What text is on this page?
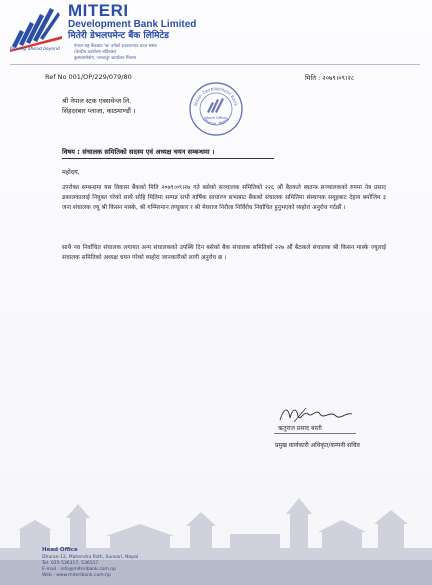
Moving ahead beyond
MITERI
Development Bank Limited
मितेरी डेभलपमेन्ट बैंक लिमिटेड
नेपाल राष्ट्र बैंकबाट 'ख' वर्गको इजाजतपत्र प्राप्त संस्था
(केन्द्रीय कार्यालय बर्दिबास)
कुस्यासमेत्रोग, जनकपुर कार्यालय मिलना
Ref No 001/OP/229/079/80	मिति : २०७९।०९।२८
श्री नेपाल स्टक एक्सचेन्ज लि.
सिंहदरबार प्लाजा, काठमाण्डौं ।
Miteri Development Bank
Head Office
Dharan, Nepal
विषय : संचालक समितिको सदस्य एवं अध्यक्ष चयन सम्बन्धमा ।
महोदय,
उपरोक्त सम्बन्धमा यस विकास बैंकको मिति २०७९।०९।२७ गते बसेको सञ्चालक समितिको २२६ औं बैठकले स्वतन्त्र सञ्चालकको रुपमा नेत्र प्रसाद ढकालकालाई नियुक्त गरेको साथै सोहि मितिमा सम्पन्न सभी वार्षिक साधारण सभाबाट बैंकको संचालक समितिमा संस्थापक समूहबाट देहाय बमोजिम ३ जना संचालक ज्यु श्री किसन मास्के, श्री गम्भिरमान तण्डुकार र श्री मेघराज निरौला निर्विरोध निर्वाचित हुनुभएको व्यहोरा अनुरोध गर्दछौं ।
साथै नव निर्वाचित संचालक लगायत अन्य संचालकको उपस्थि दिन बसेको बैक संचालक समितिको २२७ औं बैठकले संचालक श्री किसन मास्के ज्यूलाई संचालक समितिको अध्यक्ष चयन गरेको व्यहोरा जानकारीको लागी अनुरोध छ ।
ऋतुराज प्रसाद बस्ती
प्रमुख कार्यकारी अधिकृत/कम्पनी सचिव
Head Office
Dharan-12, Mahendra Path, Sunsari, Nepal
Tel. 025-536317, 536317
E-mail : info@miteribank.com.np
Web : www.miteribank.com.np
